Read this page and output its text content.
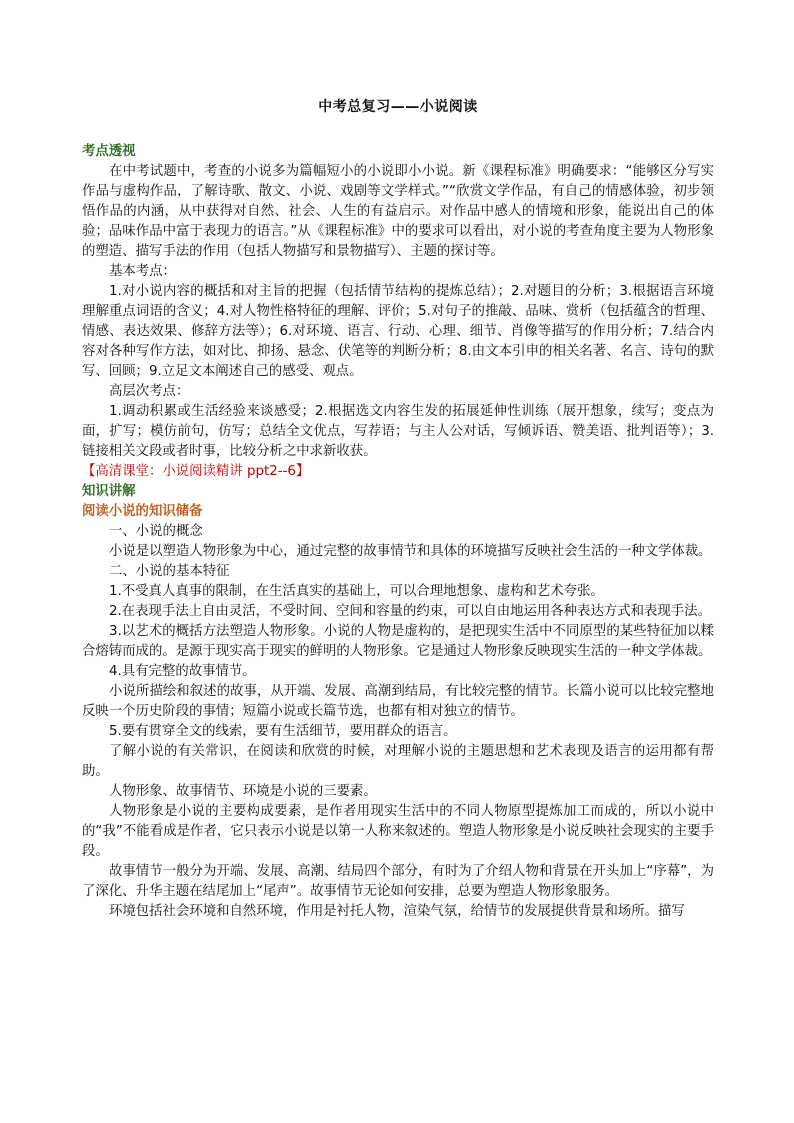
中考总复习——小说阅读
考点透视

在中考试题中，考查的小说多为篇幅短小的小说即小小说。新《课程标准》明确要求：“能够区分写实作品与虚构作品，了解诗歌、散文、小说、戏剧等文学样式。”“欣赏文学作品，有自己的情感体验，初步领悟作品的内涵，从中获得对自然、社会、人生的有益启示。对作品中感人的情境和形象，能说出自己的体验；品味作品中富于表现力的语言。”从《课程标准》中的要求可以看出，对小说的考查角度主要为人物形象的塑造、描写手法的作用（包括人物描写和景物描写）、主题的探讨等。

基本考点：

1.对小说内容的概括和对主旨的把握（包括情节结构的提炼总结）；2.对题目的分析；3.根据语言环境理解重点词语的含义；4.对人物性格特征的理解、评价；5.对句子的推敲、品味、赏析（包括蕴含的哲理、情感、表达效果、修辞方法等）；6.对环境、语言、行动、心理、细节、肖像等描写的作用分析；7.结合内容对各种写作方法，如对比、抑扬、悬念、伏笔等的判断分析；8.由文本引申的相关名著、名言、诗句的默写、回顾；9.立足文本阐述自己的感受、观点。

高层次考点：

1.调动积累或生活经验来谈感受；2.根据选文内容生发的拓展延伸性训练（展开想象，续写；变点为面，扩写；模仿前句，仿写；总结全文优点，写荐语；与主人公对话，写倾诉语、赞美语、批判语等）；3.链接相关文段或者时事，比较分析之中求新收获。

【高清课堂：小说阅读精讲 ppt2--6】
知识讲解
阅读小说的知识储备

一、小说的概念

小说是以塑造人物形象为中心，通过完整的故事情节和具体的环境描写反映社会生活的一种文学体裁。

二、小说的基本特征

1.不受真人真事的限制，在生活真实的基础上，可以合理地想象、虚构和艺术夸张。

2.在表现手法上自由灵活，不受时间、空间和容量的约束，可以自由地运用各种表达方式和表现手法。

3.以艺术的概括方法塑造人物形象。小说的人物是虚构的，是把现实生活中不同原型的某些特征加以糅合熔铸而成的。是源于现实高于现实的鲜明的人物形象。它是通过人物形象反映现实生活的一种文学体裁。

4.具有完整的故事情节。

小说所描绘和叙述的故事，从开端、发展、高潮到结局，有比较完整的情节。长篇小说可以比较完整地反映一个历史阶段的事情；短篇小说或长篇节选，也都有相对独立的情节。

5.要有贯穿全文的线索，要有生活细节，要用群众的语言。

了解小说的有关常识，在阅读和欣赏的时候，对理解小说的主题思想和艺术表现及语言的运用都有帮助。

人物形象、故事情节、环境是小说的三要素。

人物形象是小说的主要构成要素，是作者用现实生活中的不同人物原型提炼加工而成的，所以小说中的“我”不能看成是作者，它只表示小说是以第一人称来叙述的。塑造人物形象是小说反映社会现实的主要手段。

故事情节一般分为开端、发展、高潮、结局四个部分，有时为了介绍人物和背景在开头加上“序幕”，为了深化、升华主题在结尾加上“尾声”。故事情节无论如何安排，总要为塑造人物形象服务。

环境包括社会环境和自然环境，作用是衬托人物，渲染气氛，给情节的发展提供背景和场所。描写
